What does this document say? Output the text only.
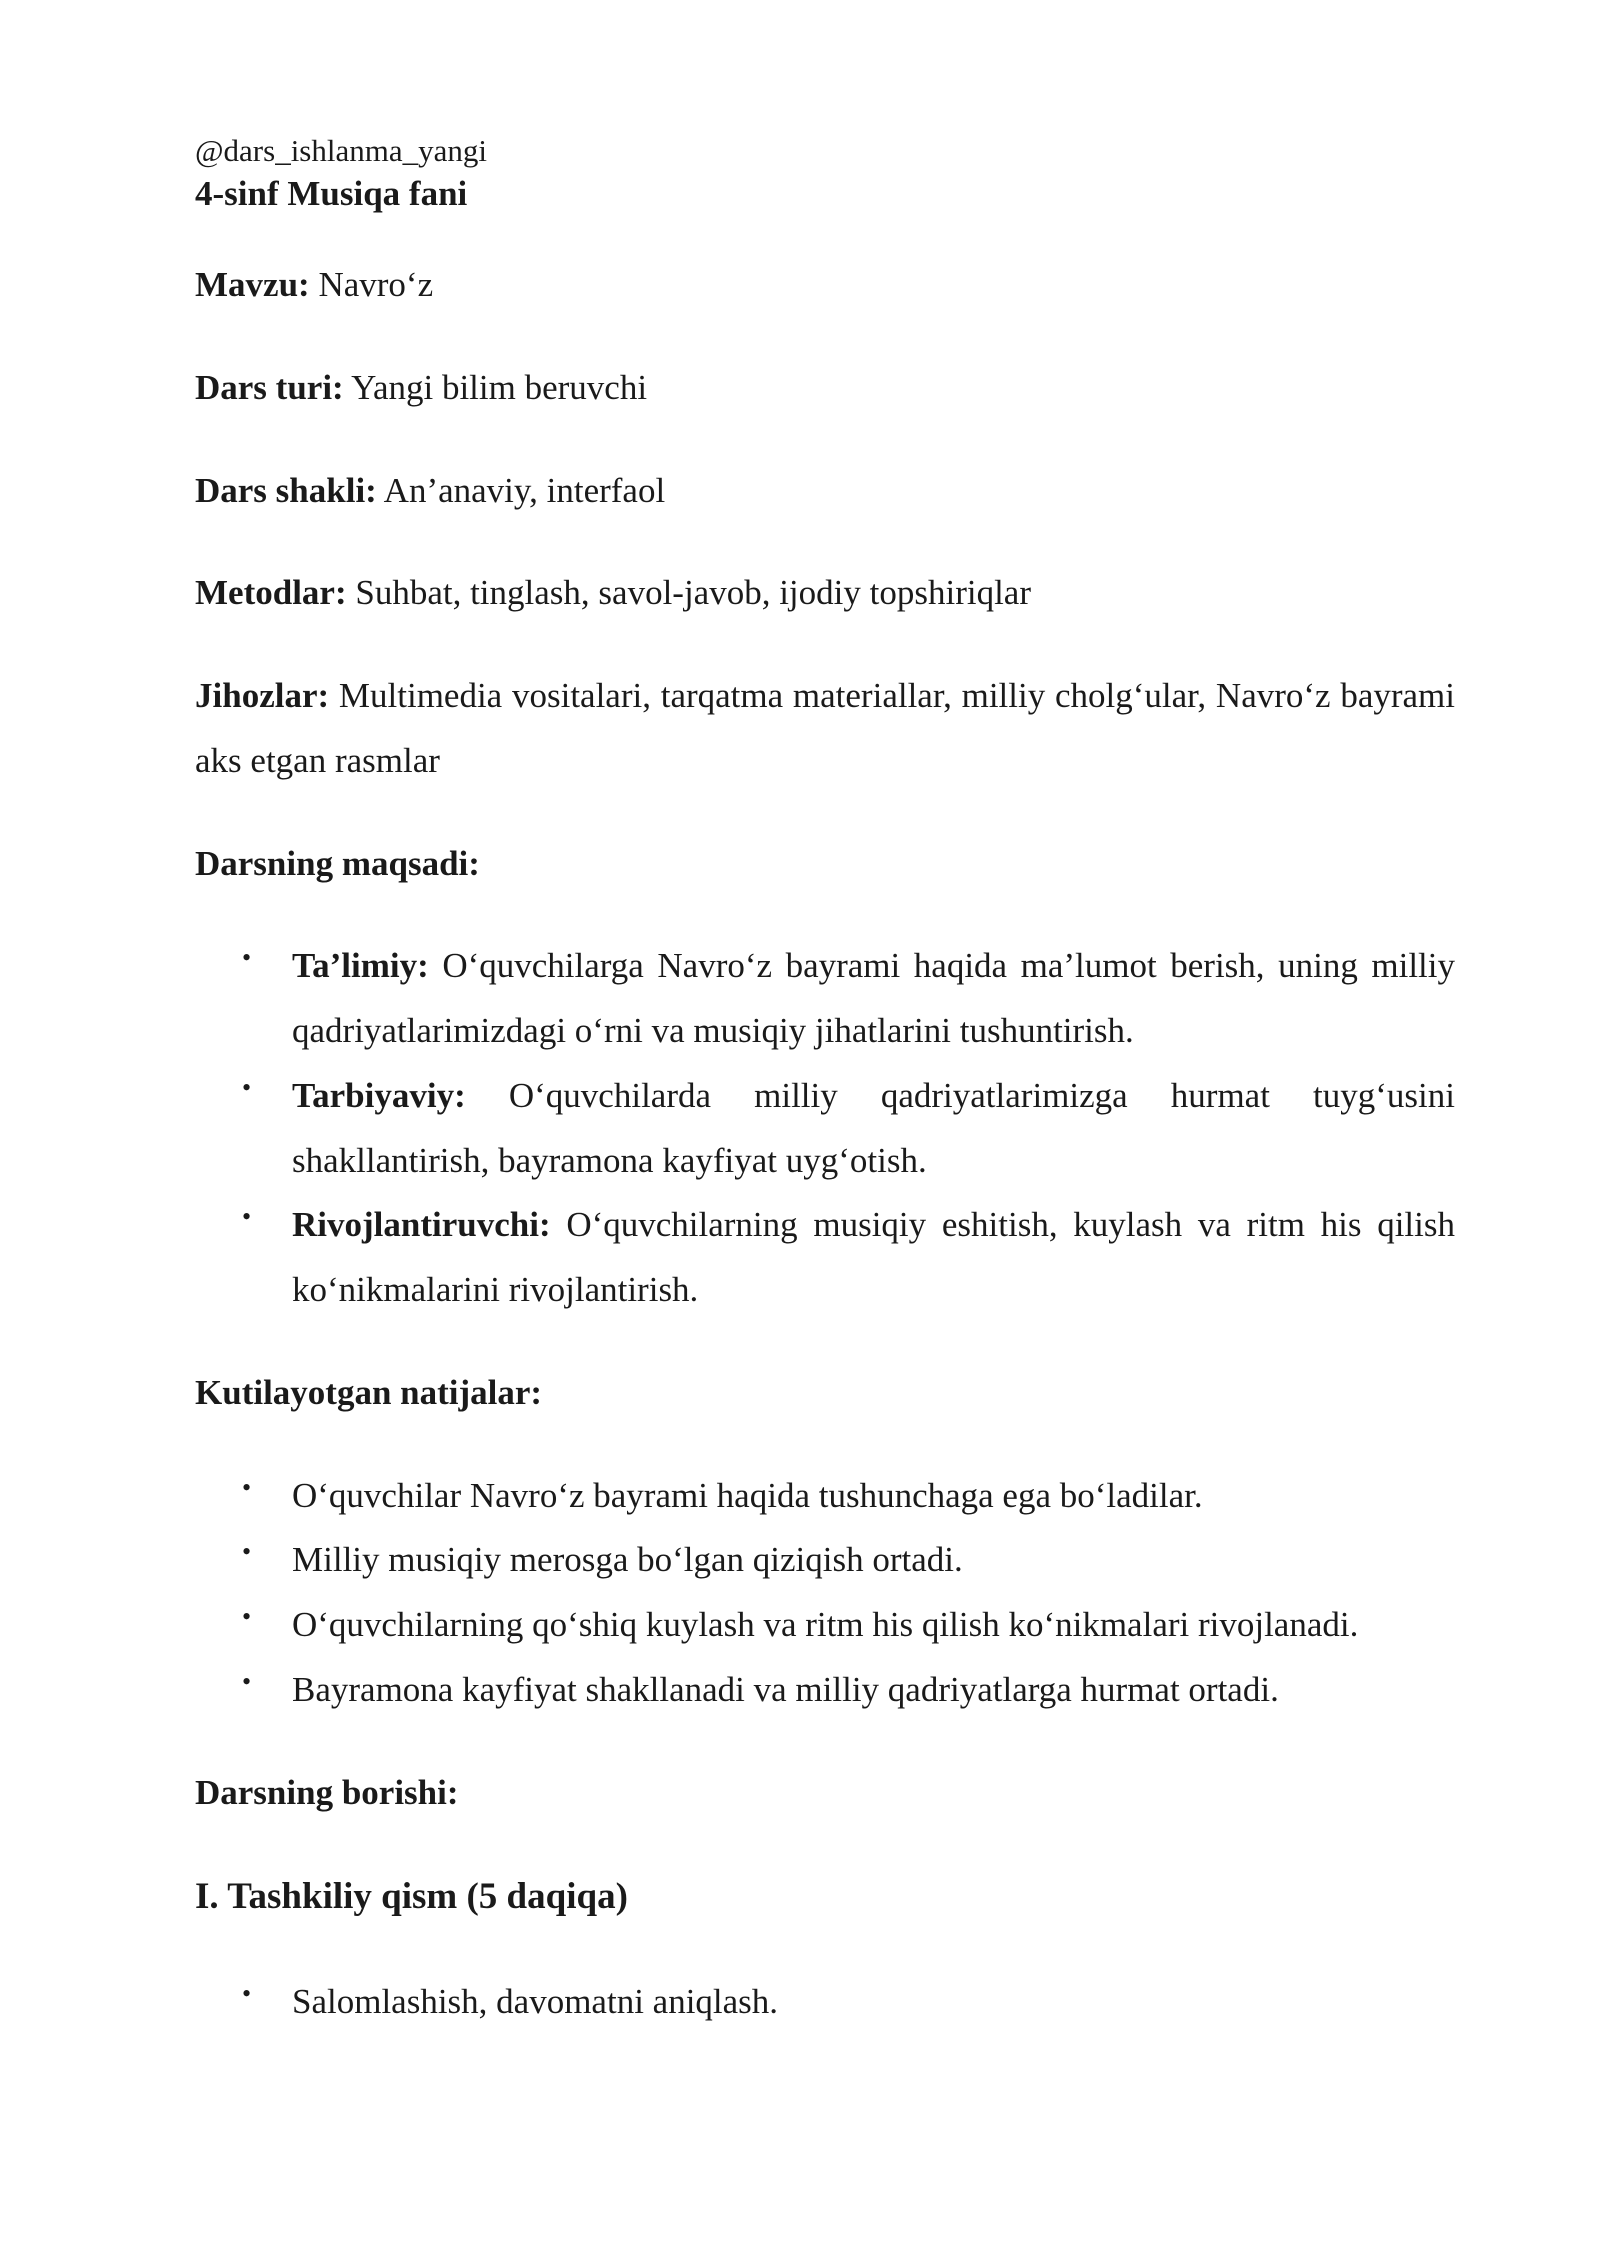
@dars_ishlanma_yangi

4-sinf Musiqa fani

Mavzu: Navro‘z

Dars turi: Yangi bilim beruvchi

Dars shakli: An’anaviy, interfaol

Metodlar: Suhbat, tinglash, savol-javob, ijodiy topshiriqlar

Jihozlar: Multimedia vositalari, tarqatma materiallar, milliy cholg‘ular, Navro‘z bayrami aks etgan rasmlar

Darsning maqsadi:
• Ta’limiy: O‘quvchilarga Navro‘z bayrami haqida ma’lumot berish, uning milliy qadriyatlarimizdagi o‘rni va musiqiy jihatlarini tushuntirish.
• Tarbiyaviy: O‘quvchilarda milliy qadriyatlarimizga hurmat tuyg‘usini shakllantirish, bayramona kayfiyat uyg‘otish.
• Rivojlantiruvchi: O‘quvchilarning musiqiy eshitish, kuylash va ritm his qilish ko‘nikmalarini rivojlantirish.
Kutilayotgan natijalar:
• O‘quvchilar Navro‘z bayrami haqida tushunchaga ega bo‘ladilar.
• Milliy musiqiy merosga bo‘lgan qiziqish ortadi.
• O‘quvchilarning qo‘shiq kuylash va ritm his qilish ko‘nikmalari rivojlanadi.
• Bayramona kayfiyat shakllanadi va milliy qadriyatlarga hurmat ortadi.
Darsning borishi:
I. Tashkiliy qism (5 daqiqa)
• Salomlashish, davomatni aniqlash.
